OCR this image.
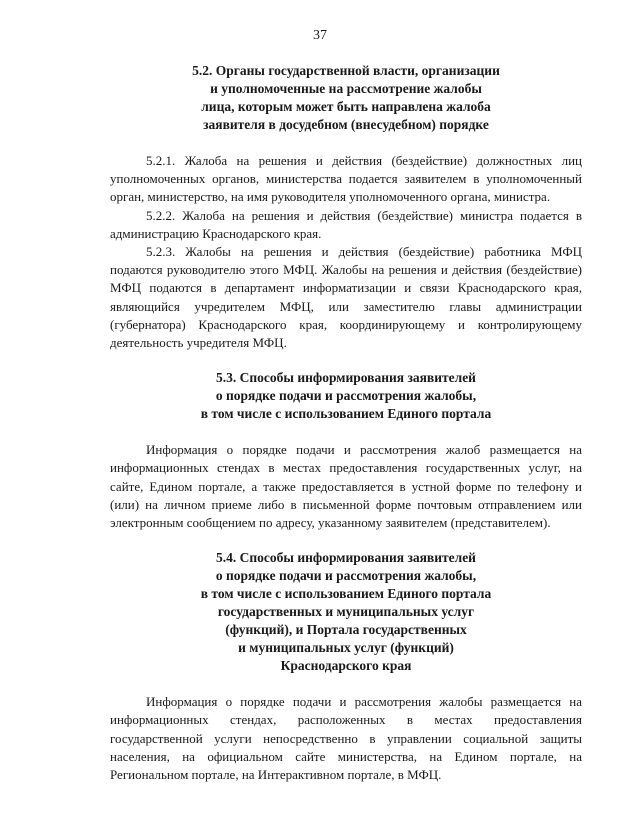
37
5.2. Органы государственной власти, организации
и уполномоченные на рассмотрение жалобы
лица, которым может быть направлена жалоба
заявителя в досудебном (внесудебном) порядке

5.2.1. Жалоба на решения и действия (бездействие) должностных лиц уполномоченных органов, министерства подается заявителем в уполномоченный орган, министерство, на имя руководителя уполномоченного органа, министра.

5.2.2. Жалоба на решения и действия (бездействие) министра подается в администрацию Краснодарского края.

5.2.3. Жалобы на решения и действия (бездействие) работника МФЦ подаются руководителю этого МФЦ. Жалобы на решения и действия (бездействие) МФЦ подаются в департамент информатизации и связи Краснодарского края, являющийся учредителем МФЦ, или заместителю главы администрации (губернатора) Краснодарского края, координирующему и контролирующему деятельность учредителя МФЦ.

5.3. Способы информирования заявителей
о порядке подачи и рассмотрения жалобы,
в том числе с использованием Единого портала

Информация о порядке подачи и рассмотрения жалоб размещается на информационных стендах в местах предоставления государственных услуг, на сайте, Едином портале, а также предоставляется в устной форме по телефону и (или) на личном приеме либо в письменной форме почтовым отправлением или электронным сообщением по адресу, указанному заявителем (представителем).

5.4. Способы информирования заявителей
о порядке подачи и рассмотрения жалобы,
в том числе с использованием Единого портала
государственных и муниципальных услуг
(функций), и Портала государственных
и муниципальных услуг (функций)
Краснодарского края

Информация о порядке подачи и рассмотрения жалобы размещается на информационных стендах, расположенных в местах предоставления государственной услуги непосредственно в управлении социальной защиты населения, на официальном сайте министерства, на Едином портале, на Региональном портале, на Интерактивном портале, в МФЦ.
